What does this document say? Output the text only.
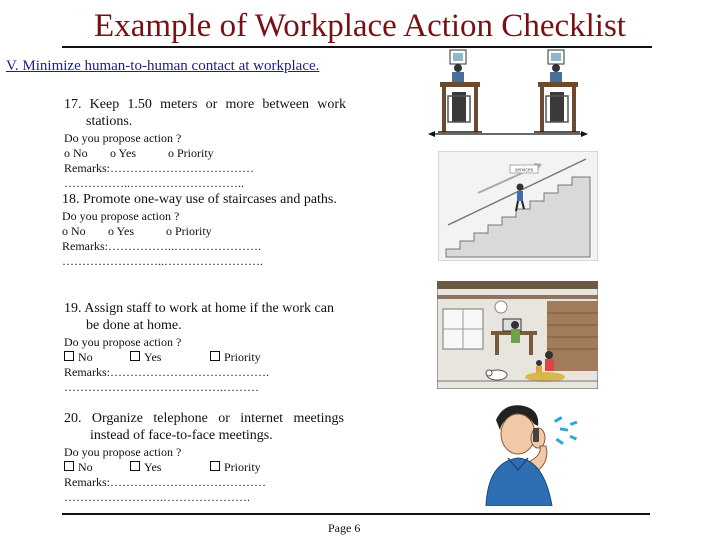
Example of Workplace Action Checklist
V. Minimize human-to-human contact at workplace.
17. Keep 1.50 meters or more between work
stations.
Do you propose action ?
o No o Yes	o Priority
Remarks:………………………………
……………..………………………..
18. Promote one-way use of staircases and paths.
Do you propose action ?
o No o Yes	o Priority
Remarks:……………..………………….
……………………..…………………….
19. Assign staff to work at home if the work can
be done at home.
Do you propose action ?
No	Yes	Priority
Remarks:………………………………….
………………………………….………
20. Organize telephone or internet meetings
instead of face-to-face meetings.
Do you propose action ?
No	Yes	Priority
Remarks:…………………………………
…………………….………………….
services
Page 6
